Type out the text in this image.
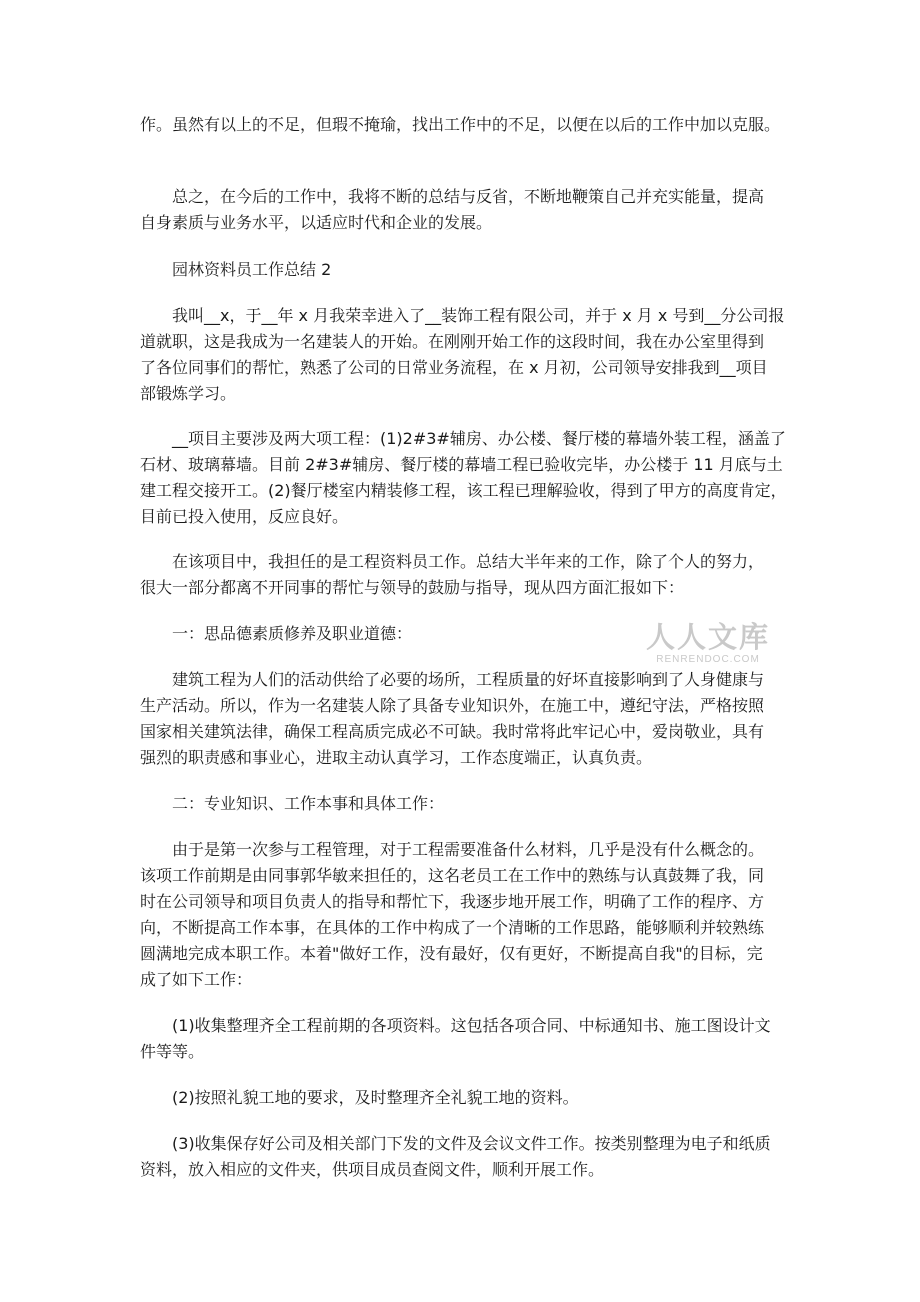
作。虽然有以上的不足，但瑕不掩瑜，找出工作中的不足，以便在以后的工作中加以克服。

　　总之，在今后的工作中，我将不断的总结与反省，不断地鞭策自己并充实能量，提高

自身素质与业务水平，以适应时代和企业的发展。

　　园林资料员工作总结 2

　　我叫__x，于__年 x 月我荣幸进入了__装饰工程有限公司，并于 x 月 x 号到__分公司报

道就职，这是我成为一名建装人的开始。在刚刚开始工作的这段时间，我在办公室里得到

了各位同事们的帮忙，熟悉了公司的日常业务流程，在 x 月初，公司领导安排我到__项目

部锻炼学习。

　　__项目主要涉及两大项工程：(1)2#3#辅房、办公楼、餐厅楼的幕墙外装工程，涵盖了

石材、玻璃幕墙。目前 2#3#辅房、餐厅楼的幕墙工程已验收完毕，办公楼于 11 月底与土

建工程交接开工。(2)餐厅楼室内精装修工程，该工程已理解验收，得到了甲方的高度肯定，

目前已投入使用，反应良好。

　　在该项目中，我担任的是工程资料员工作。总结大半年来的工作，除了个人的努力，

很大一部分都离不开同事的帮忙与领导的鼓励与指导，现从四方面汇报如下：

　　一：思品德素质修养及职业道德：

　　建筑工程为人们的活动供给了必要的场所，工程质量的好坏直接影响到了人身健康与

生产活动。所以，作为一名建装人除了具备专业知识外，在施工中，遵纪守法，严格按照

国家相关建筑法律，确保工程高质完成必不可缺。我时常将此牢记心中，爱岗敬业，具有

强烈的职责感和事业心，进取主动认真学习，工作态度端正，认真负责。

　　二：专业知识、工作本事和具体工作：

　　由于是第一次参与工程管理，对于工程需要准备什么材料，几乎是没有什么概念的。

该项工作前期是由同事郭华敏来担任的，这名老员工在工作中的熟练与认真鼓舞了我，同

时在公司领导和项目负责人的指导和帮忙下，我逐步地开展工作，明确了工作的程序、方

向，不断提高工作本事，在具体的工作中构成了一个清晰的工作思路，能够顺利并较熟练

圆满地完成本职工作。本着"做好工作，没有最好，仅有更好，不断提高自我"的目标，完

成了如下工作：

　　(1)收集整理齐全工程前期的各项资料。这包括各项合同、中标通知书、施工图设计文

件等等。

　　(2)按照礼貌工地的要求，及时整理齐全礼貌工地的资料。

　　(3)收集保存好公司及相关部门下发的文件及会议文件工作。按类别整理为电子和纸质

资料，放入相应的文件夹，供项目成员查阅文件，顺利开展工作。

人人文库
RENRENDOC.COM
